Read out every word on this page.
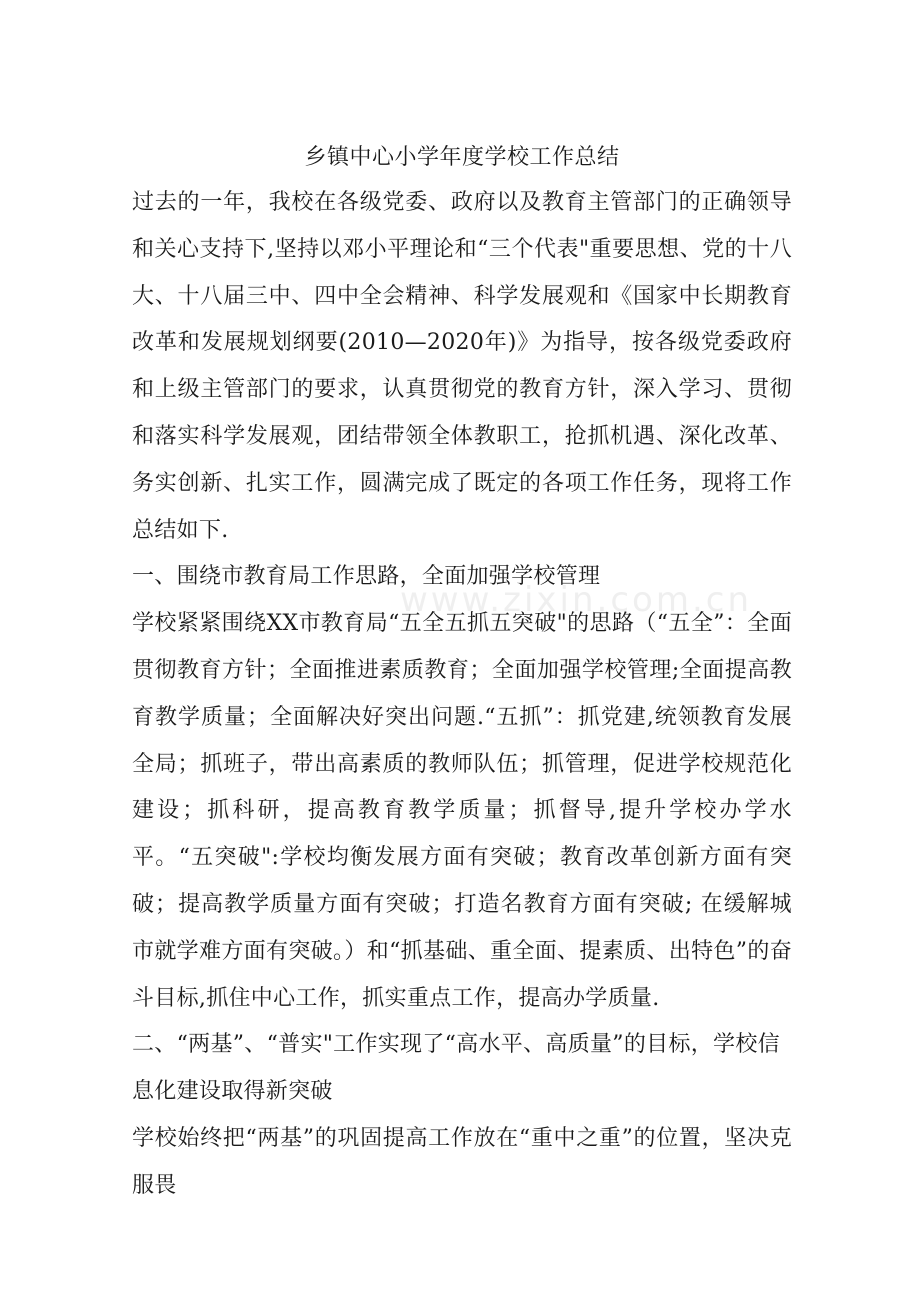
乡镇中心小学年度学校工作总结

过去的一年，我校在各级党委、政府以及教育主管部门的正确领导和关心支持下,坚持以邓小平理论和“三个代表"重要思想、党的十八大、十八届三中、四中全会精神、科学发展观和《国家中长期教育改革和发展规划纲要(2010—2020年)》为指导，按各级党委政府和上级主管部门的要求，认真贯彻党的教育方针，深入学习、贯彻和落实科学发展观，团结带领全体教职工，抢抓机遇、深化改革、务实创新、扎实工作，圆满完成了既定的各项工作任务，现将工作总结如下.

一、围绕市教育局工作思路，全面加强学校管理

学校紧紧围绕XX市教育局“五全五抓五突破"的思路（“五全”：全面贯彻教育方针；全面推进素质教育；全面加强学校管理;全面提高教育教学质量；全面解决好突出问题.“五抓”：抓党建,统领教育发展全局；抓班子，带出高素质的教师队伍；抓管理，促进学校规范化建设；抓科研，提高教育教学质量；抓督导,提升学校办学水平。“五突破":学校均衡发展方面有突破；教育改革创新方面有突破；提高教学质量方面有突破；打造名教育方面有突破; 在缓解城市就学难方面有突破。）和“抓基础、重全面、提素质、出特色”的奋斗目标,抓住中心工作，抓实重点工作，提高办学质量.

二、“两基”、“普实"工作实现了“高水平、高质量”的目标，学校信息化建设取得新突破

学校始终把“两基”的巩固提高工作放在“重中之重”的位置，坚决克服畏

www.zixin.com.cn
